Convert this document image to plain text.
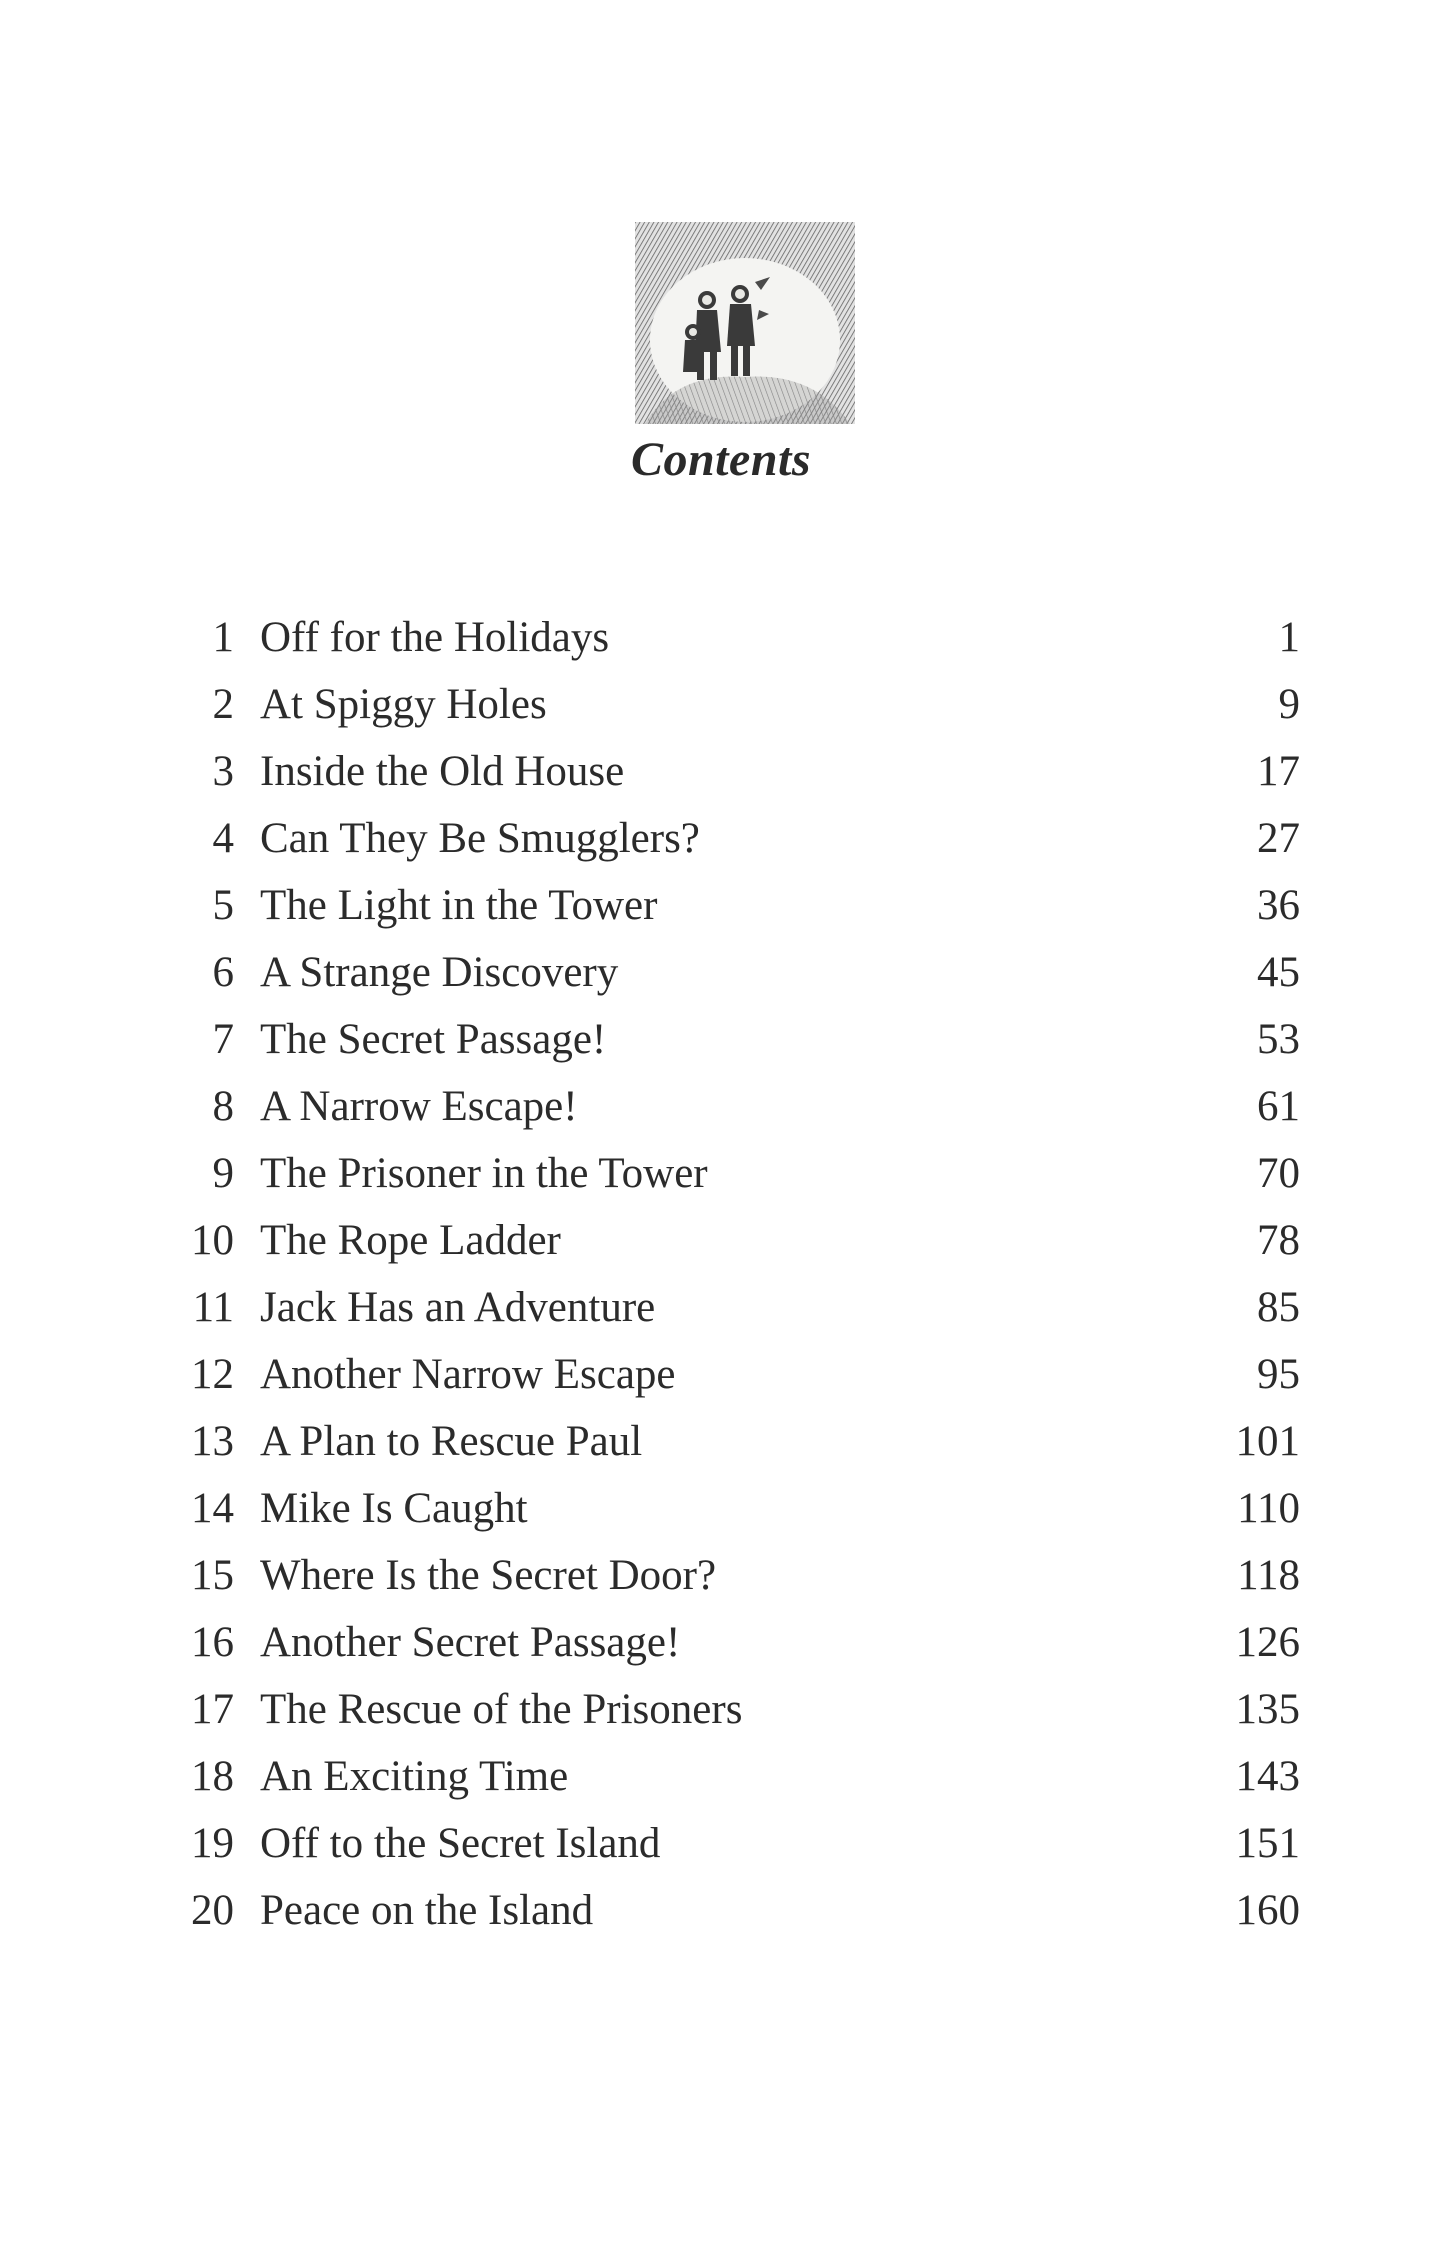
Contents
1 Off for the Holidays	1
2 At Spiggy Holes	9
3 Inside the Old House	17
4 Can They Be Smugglers?	27
5 The Light in the Tower	36
6 A Strange Discovery	45
7 The Secret Passage!	53
8 A Narrow Escape!	61
9 The Prisoner in the Tower	70
10 The Rope Ladder	78
11 Jack Has an Adventure	85
12 Another Narrow Escape	95
13 A Plan to Rescue Paul	101
14 Mike Is Caught	110
15 Where Is the Secret Door?	118
16 Another Secret Passage!	126
17 The Rescue of the Prisoners	135
18 An Exciting Time	143
19 Off to the Secret Island	151
20 Peace on the Island	160
